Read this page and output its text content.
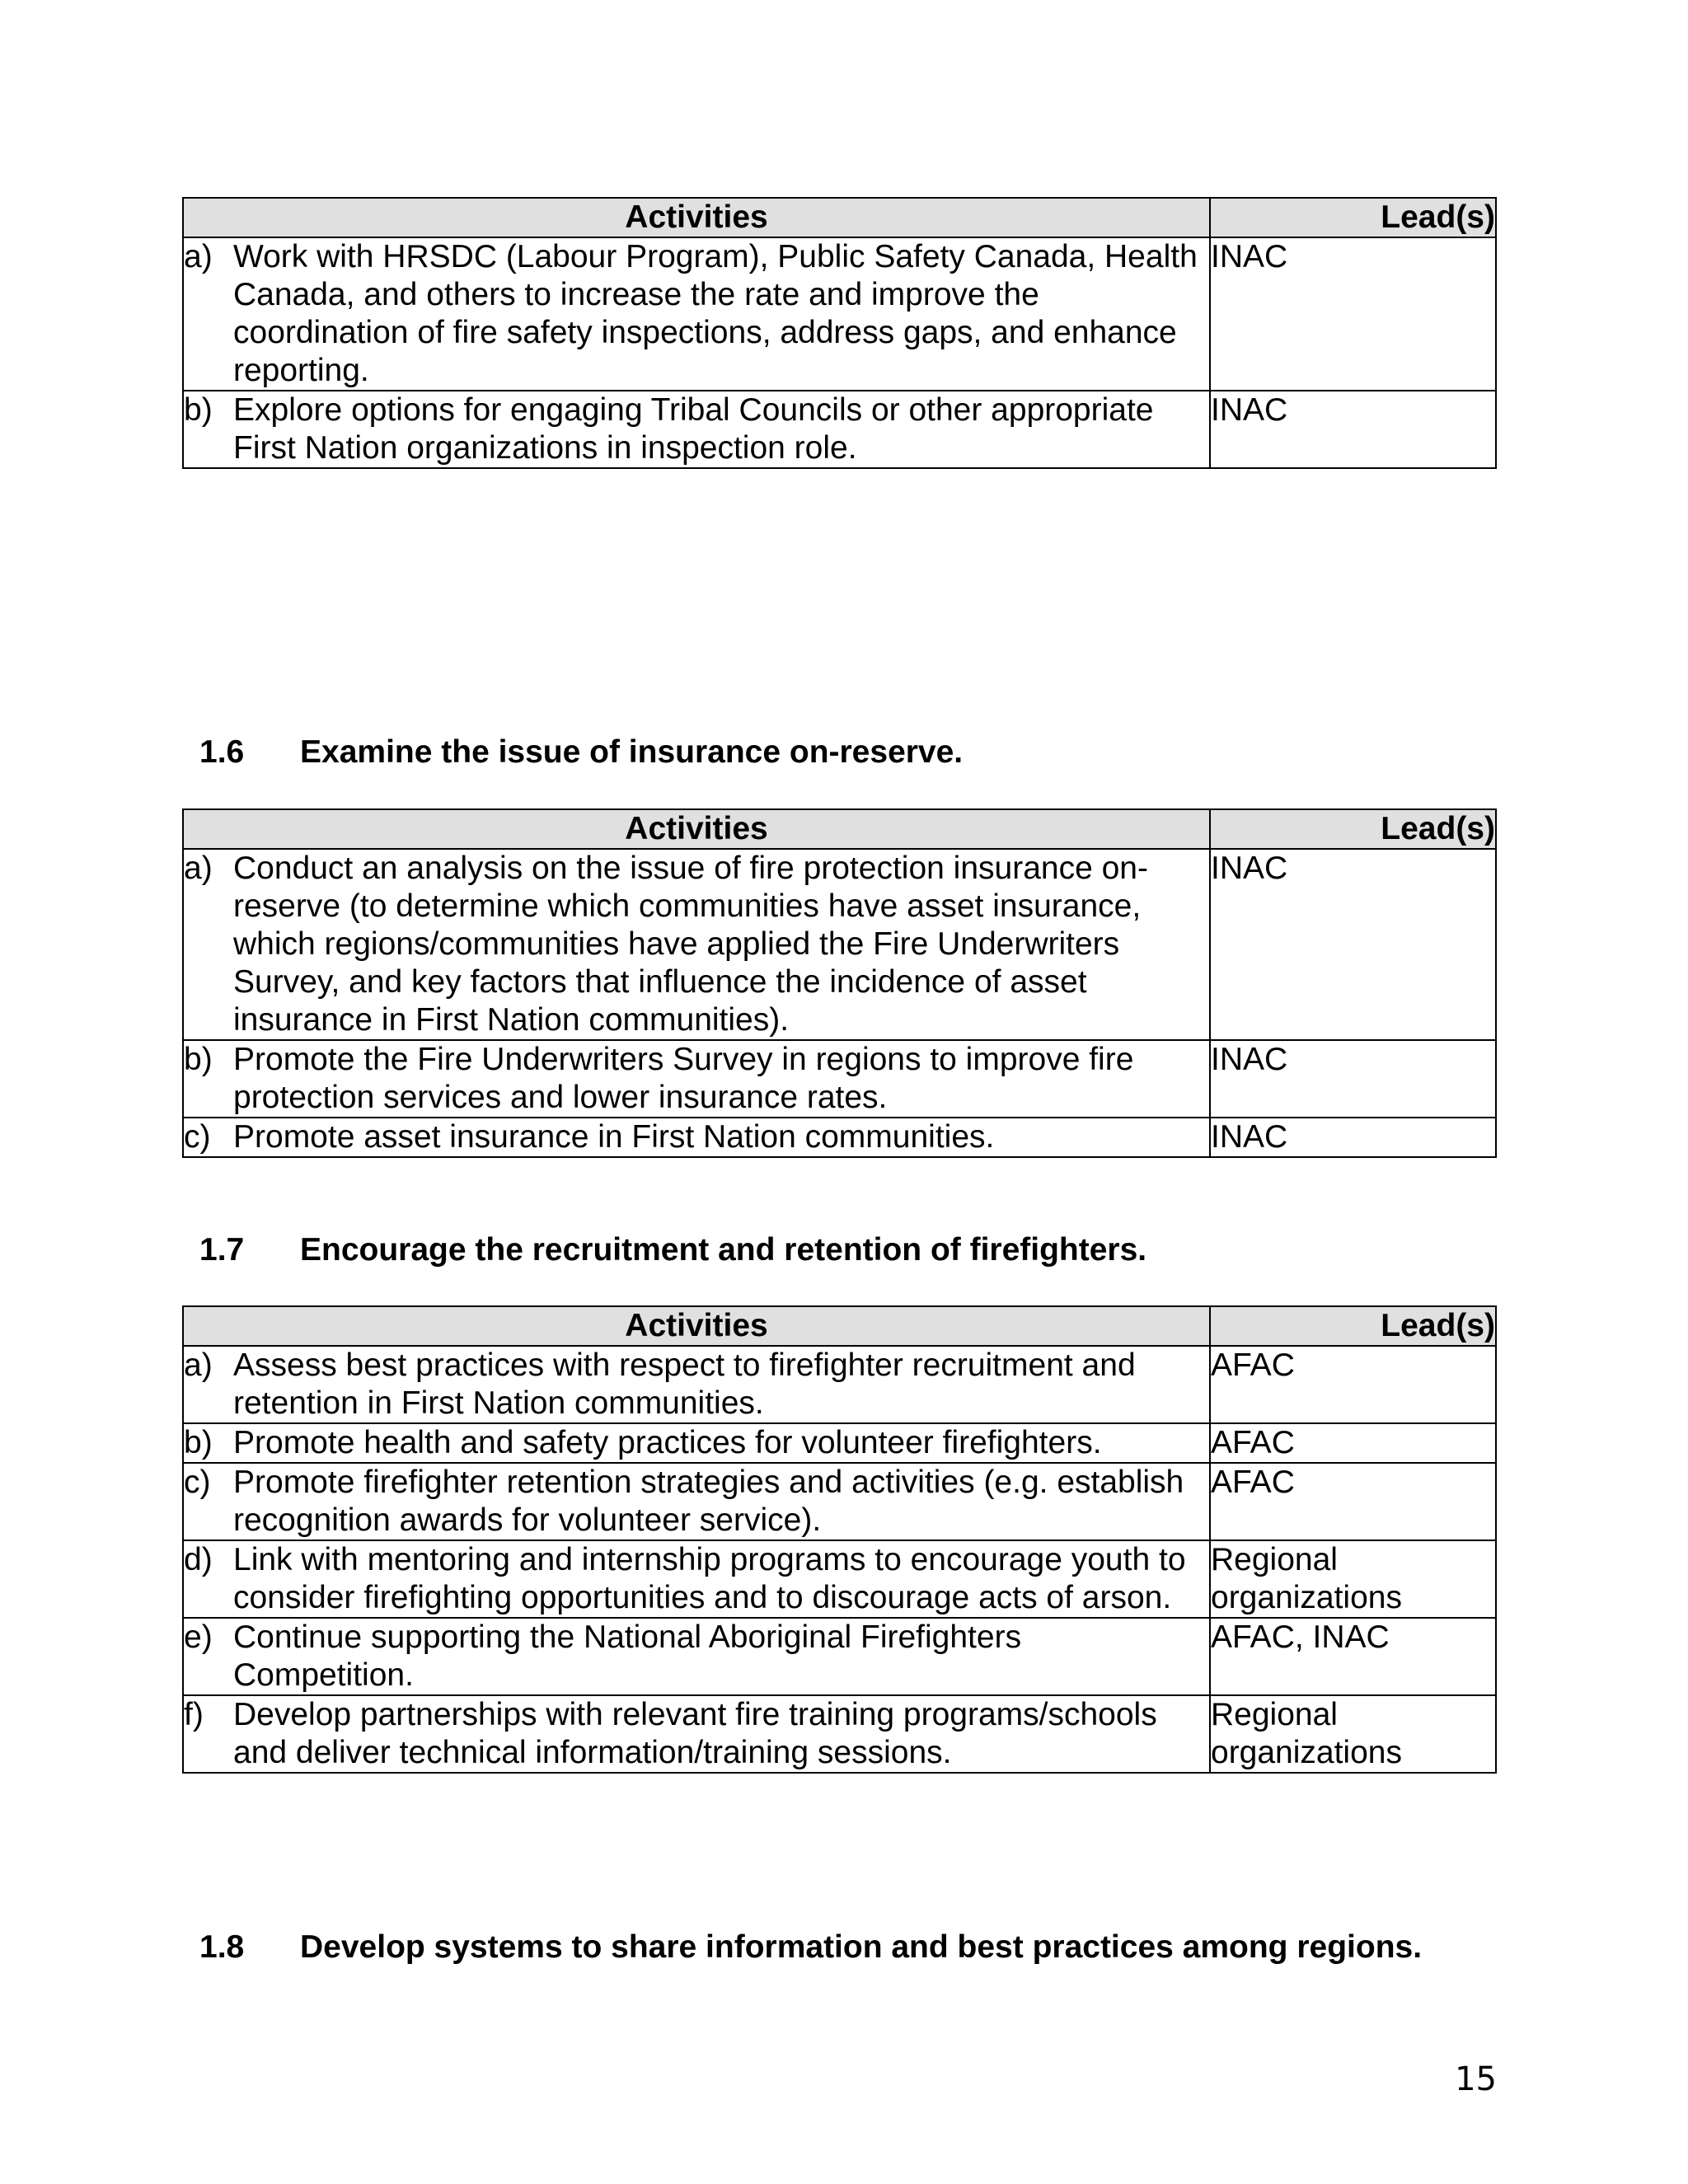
Activities	Lead(s)

a) Work with HRSDC (Labour Program), Public Safety Canada, Health Canada, and others to increase the rate and improve the coordination of fire safety inspections, address gaps, and enhance reporting.	INAC

b) Explore options for engaging Tribal Councils or other appropriate First Nation organizations in inspection role.	INAC
1.6	Examine the issue of insurance on-reserve.
Activities	Lead(s)

a) Conduct an analysis on the issue of fire protection insurance on-reserve (to determine which communities have asset insurance, which regions/communities have applied the Fire Underwriters Survey, and key factors that influence the incidence of asset insurance in First Nation communities).	INAC

b) Promote the Fire Underwriters Survey in regions to improve fire protection services and lower insurance rates.	INAC

c) Promote asset insurance in First Nation communities.	INAC
1.7	Encourage the recruitment and retention of firefighters.
Activities	Lead(s)

a) Assess best practices with respect to firefighter recruitment and retention in First Nation communities.	AFAC

b) Promote health and safety practices for volunteer firefighters.	AFAC

c) Promote firefighter retention strategies and activities (e.g. establish recognition awards for volunteer service).	AFAC

d) Link with mentoring and internship programs to encourage youth to consider firefighting opportunities and to discourage acts of arson.	Regional organizations

e) Continue supporting the National Aboriginal Firefighters Competition.	AFAC, INAC

f) Develop partnerships with relevant fire training programs/schools and deliver technical information/training sessions.	Regional organizations
1.8	Develop systems to share information and best practices among regions.
15
